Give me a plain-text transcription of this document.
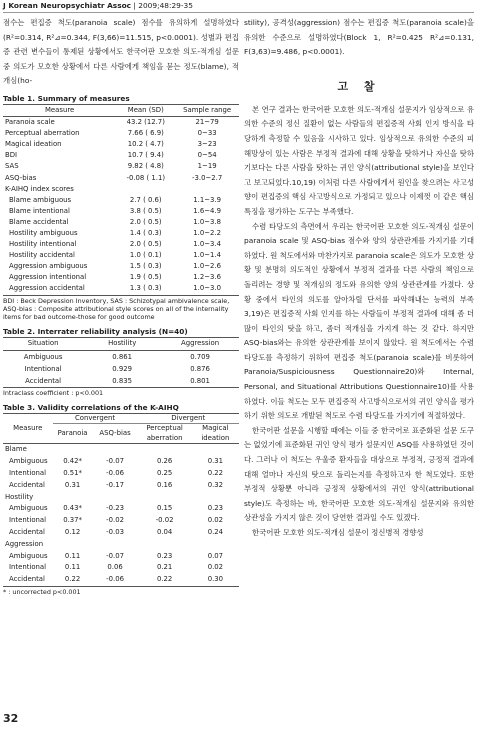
J Korean Neuropsychiatr Assoc | 2009;48:29-35

점수는 편집증 척도(paranoia scale) 점수를 유의하게 설명하였다(R²=0.314, R²⊿=0.344, F(3,66)=11.515, p<0.0001). 성별과 편집증 관련 변수들이 통제된 상황에서도 한국어판 모호한 의도-적개심 설문 중 의도가 모호한 상황에서 다른 사람에게 책임을 묻는 정도(blame), 적개심(ho-

Table 1. Summary of measures

Measure	Mean (SD)	Sample range
Paranoia scale	43.2 (12.7)	21~79
Perceptual aberration	7.66 ( 6.9)	0~33
Magical ideation	10.2 ( 4.7)	3~23
BDI	10.7 ( 9.4)	0~54
SAS	9.82 ( 4.8)	1~19
ASQ-bias	-0.08 ( 1.1)	-3.0~2.7
K-AIHQ index scores		
Blame ambiguous	2.7 ( 0.6)	1.1~3.9
Blame intentional	3.8 ( 0.5)	1.6~4.9
Blame accidental	2.0 ( 0.5)	1.0~3.8
Hostility ambiguous	1.4 ( 0.3)	1.0~2.2
Hostility intentional	2.0 ( 0.5)	1.0~3.4
Hostility accidental	1.0 ( 0.1)	1.0~1.4
Aggression ambiguous	1.5 ( 0.3)	1.0~2.6
Aggression intentional	1.9 ( 0.5)	1.2~3.6
Aggression accidental	1.3 ( 0.3)	1.0~3.0

BDI : Beck Depression Inventory, SAS : Schizotypal ambivalence scale, ASQ-bias : Composite attributional style scores on all of the internality items for bad outcome-those for good outcome

Table 2. Interrater reliability analysis (N=40)

Situation	Hostility	Aggression
Ambiguous	0.861	0.709
Intentional	0.929	0.876
Accidental	0.835	0.801

Intraclass coefficient : p<0.001

Table 3. Validity correlations of the K-AIHQ

Measure	Convergent		Divergent	
	Paranoia	ASQ-bias	Perceptual aberration	Magical ideation
Blame				
Ambiguous	0.42*	-0.07	0.26	0.31
Intentional	0.51*	-0.06	0.25	0.22
Accidental	0.31	-0.17	0.16	0.32
Hostility				
Ambiguous	0.43*	-0.23	0.15	0.23
Intentional	0.37*	-0.02	-0.02	0.02
Accidental	0.12	-0.03	0.04	0.24
Aggression				
Ambiguous	0.11	-0.07	0.23	0.07
Intentional	0.11	0.06	0.21	0.02
Accidental	0.22	-0.06	0.22	0.30

* : uncorrected p<0.001

stility), 공격성(aggression) 점수는 편집증 척도(paranoia scale)을 유의한 수준으로 설명하였다(Block 1, R²=0.425 R²⊿=0.131, F(3,63)=9.486, p<0.0001).

고 찰

본 연구 결과는 한국어판 모호한 의도-적개심 설문지가 임상적으로 유의한 수준의 정신 질환이 없는 사람들의 편집증적 사회 인지 방식을 타당하게 측정할 수 있음을 시사하고 있다. 임상적으로 유의한 수준의 피해망상이 있는 사람은 부정적 결과에 대해 상황을 탓하거나 자신을 탓하기보다는 다른 사람을 탓하는 귀인 양식(attributional style)을 보인다고 보고되었다.10,19) 이처럼 다른 사람에게서 원인을 찾으려는 사고성향이 편집증의 핵심 사고방식으로 가정되고 있으나 이제껏 이 같은 핵심 특징을 평가하는 도구는 부족했다.

수렴 타당도의 측면에서 우리는 한국어판 모호한 의도-적개심 설문이 paranoia scale 및 ASQ-bias 점수와 양의 상관관계를 가지기를 기대하였다. 원 척도에서와 마찬가지로 paranoia scale은 의도가 모호한 상황 및 분명히 의도적인 상황에서 부정적 결과를 다른 사람의 책임으로 돌리려는 경향 및 적개심의 정도와 유의한 양의 상관관계를 가졌다. 상황 중에서 타인의 의도를 알아차릴 단서를 파악해내는 능력의 부족3,19)은 편집증적 사회 인지를 하는 사람들이 부정적 결과에 대해 좀 더 많이 타인의 탓을 하고, 좀더 적개심을 가지게 하는 것 같다. 하지만 ASQ-bias와는 유의한 상관관계를 보이지 않았다. 원 척도에서는 수렴 타당도를 측정하기 위하여 편집증 척도(paranoia scale)를 비롯하여 Paranoia/Suspiciousness Questionnaire20)와 Internal, Personal, and Situational Attributions Questionnaire10)를 사용하였다. 이들 척도는 모두 편집증적 사고방식으로서의 귀인 양식을 평가하기 위한 의도로 개발된 척도로 수렴 타당도를 가지기에 적절하였다.

한국어판 설문을 시행할 때에는 이들 중 한국어로 표준화된 설문 도구는 없었기에 표준화된 귀인 양식 평가 설문지인 ASQ를 사용하였던 것이다. 그러나 이 척도는 우울증 환자들을 대상으로 부정적, 긍정적 결과에 대해 얼마나 자신의 탓으로 돌리는지를 측정하고자 한 척도였다. 또한 부정적 상황뿐 아니라 긍정적 상황에서의 귀인 양식(attributional style)도 측정하는 바, 한국어판 모호한 의도-적개심 설문지와 유의한 상관성을 가지지 않은 것이 당연한 결과일 수도 있겠다.

한국어판 모호한 의도-적개심 설문이 정신병적 경향성

32
